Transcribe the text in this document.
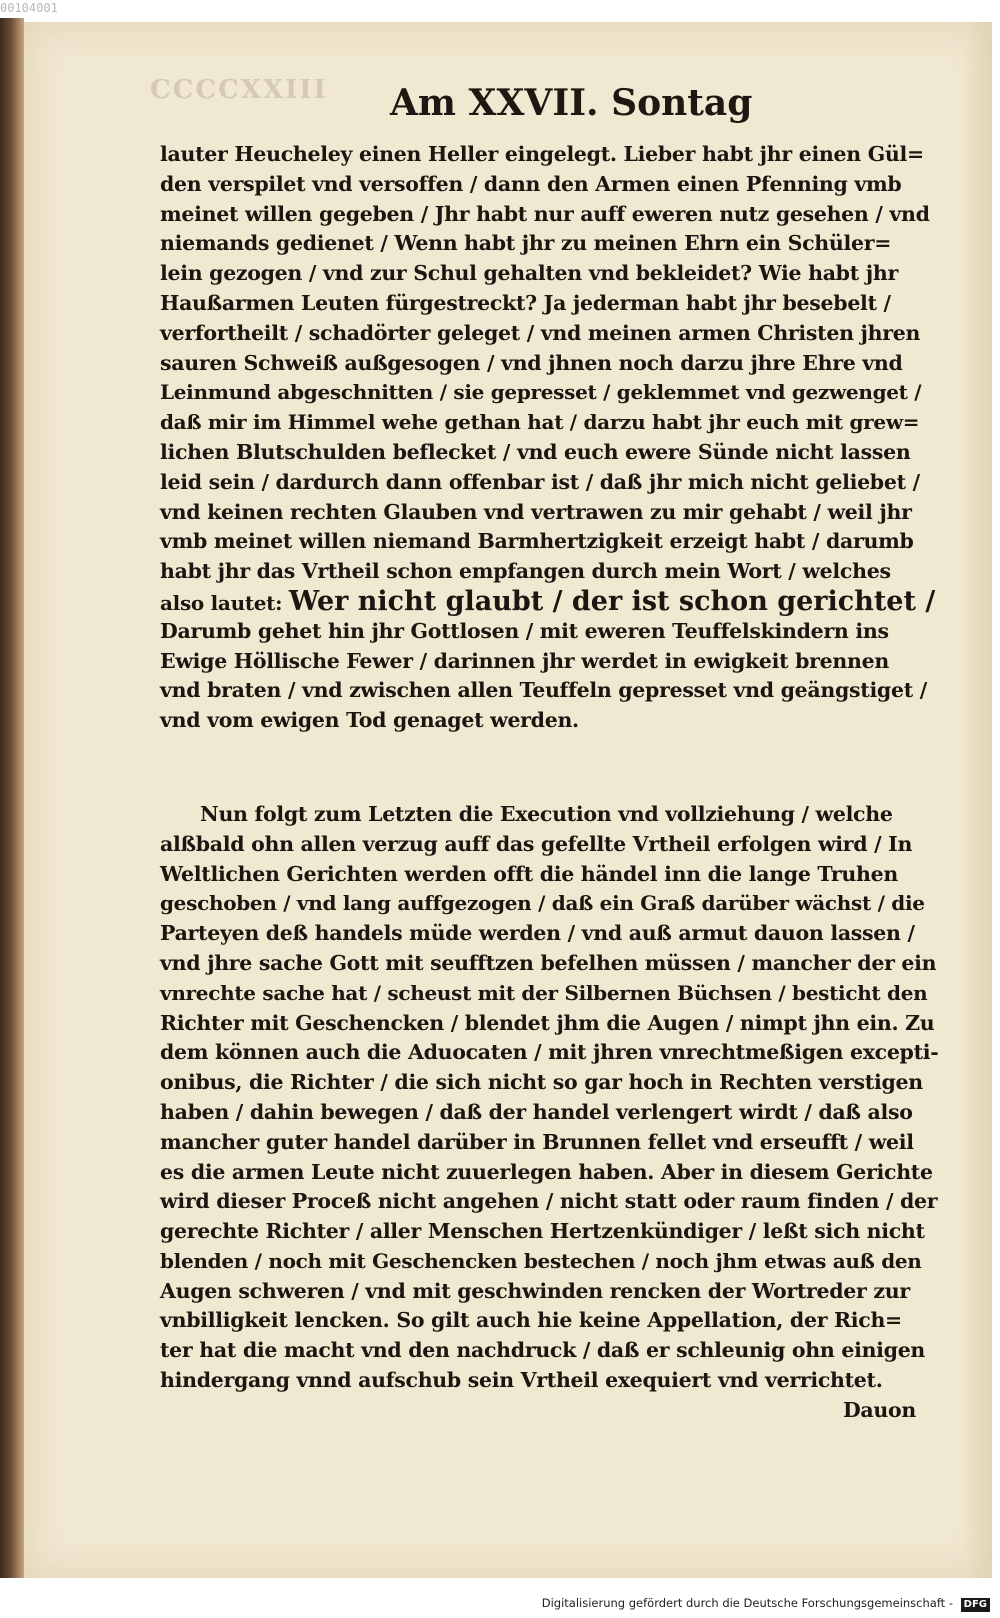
00104001
CCCCXXIII	Am XXVII. Sontag
lauter Heucheley einen Heller eingelegt. Lieber habt jhr einen Gül=
den verspilet vnd versoffen / dann den Armen einen Pfenning vmb
meinet willen gegeben / Jhr habt nur auff eweren nutz gesehen / vnd
niemands gedienet / Wenn habt jhr zu meinen Ehrn ein Schüler=
lein gezogen / vnd zur Schul gehalten vnd bekleidet? Wie habt jhr
Haußarmen Leuten fürgestreckt? Ja jederman habt jhr besebelt /
verfortheilt / schadörter geleget / vnd meinen armen Christen jhren
sauren Schweiß außgesogen / vnd jhnen noch darzu jhre Ehre vnd
Leinmund abgeschnitten / sie gepresset / geklemmet vnd gezwenget /
daß mir im Himmel wehe gethan hat / darzu habt jhr euch mit grew=
lichen Blutschulden beflecket / vnd euch ewere Sünde nicht lassen
leid sein / dardurch dann offenbar ist / daß jhr mich nicht geliebet /
vnd keinen rechten Glauben vnd vertrawen zu mir gehabt / weil jhr
vmb meinet willen niemand Barmhertzigkeit erzeigt habt / darumb
habt jhr das Vrtheil schon empfangen durch mein Wort / welches
also lautet: Wer nicht glaubt / der ist schon gerichtet /
Darumb gehet hin jhr Gottlosen / mit eweren Teuffelskindern ins
Ewige Höllische Fewer / darinnen jhr werdet in ewigkeit brennen
vnd braten / vnd zwischen allen Teuffeln gepresset vnd geängstiget /
vnd vom ewigen Tod genaget werden.
Nun folgt zum Letzten die Execution vnd vollziehung / welche
alßbald ohn allen verzug auff das gefellte Vrtheil erfolgen wird / In
Weltlichen Gerichten werden offt die händel inn die lange Truhen
geschoben / vnd lang auffgezogen / daß ein Graß darüber wächst / die
Parteyen deß handels müde werden / vnd auß armut dauon lassen /
vnd jhre sache Gott mit seufftzen befelhen müssen / mancher der ein
vnrechte sache hat / scheust mit der Silbernen Büchsen / besticht den
Richter mit Geschencken / blendet jhm die Augen / nimpt jhn ein. Zu
dem können auch die Aduocaten / mit jhren vnrechtmeßigen excepti-
onibus, die Richter / die sich nicht so gar hoch in Rechten verstigen
haben / dahin bewegen / daß der handel verlengert wirdt / daß also
mancher guter handel darüber in Brunnen fellet vnd erseufft / weil
es die armen Leute nicht zuuerlegen haben. Aber in diesem Gerichte
wird dieser Proceß nicht angehen / nicht statt oder raum finden / der
gerechte Richter / aller Menschen Hertzenkündiger / leßt sich nicht
blenden / noch mit Geschencken bestechen / noch jhm etwas auß den
Augen schweren / vnd mit geschwinden rencken der Wortreder zur
vnbilligkeit lencken. So gilt auch hie keine Appellation, der Rich=
ter hat die macht vnd den nachdruck / daß er schleunig ohn einigen
hindergang vnnd aufschub sein Vrtheil exequiert vnd verrichtet.
Dauon
Digitalisierung gefördert durch die Deutsche Forschungsgemeinschaft - DFG
